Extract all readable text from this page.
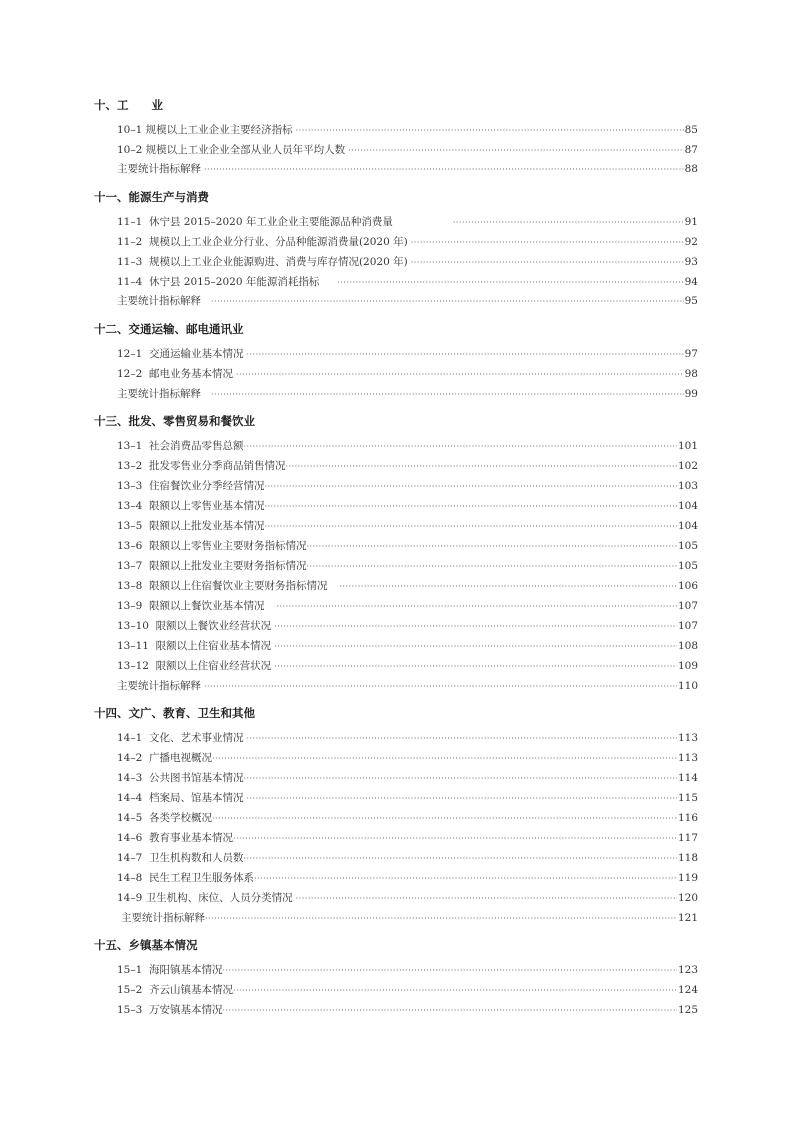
十、工　　业
10–1 规模以上工业企业主要经济指标 ·····	85
10–2 规模以上工业企业全部从业人员年平均人数 ·····	87
主要统计指标解释 ·····	88
十一、能源生产与消费
11–1  休宁县 2015–2020 年工业企业主要能源品种消费量 ·····	91
11–2  规模以上工业企业分行业、分品种能源消费量(2020 年) ·····	92
11–3  规模以上工业企业能源购进、消费与库存情况(2020 年) ·····	93
11–4  休宁县 2015–2020 年能源消耗指标 ·····	94
主要统计指标解释 ·····	95
十二、交通运输、邮电通讯业
12–1  交通运输业基本情况 ·····	97
12–2  邮电业务基本情况 ·····	98
主要统计指标解释 ·····	99
十三、批发、零售贸易和餐饮业
13–1  社会消费品零售总额 ·····	101
13–2  批发零售业分季商品销售情况 ·····	102
13–3  住宿餐饮业分季经营情况 ·····	103
13–4  限额以上零售业基本情况 ·····	104
13–5  限额以上批发业基本情况 ·····	104
13–6  限额以上零售业主要财务指标情况 ·····	105
13–7  限额以上批发业主要财务指标情况 ·····	105
13–8  限额以上住宿餐饮业主要财务指标情况 ·····	106
13–9  限额以上餐饮业基本情况 ·····	107
13–10  限额以上餐饮业经营状况 ·····	107
13–11  限额以上住宿业基本情况 ·····	108
13–12  限额以上住宿业经营状况 ·····	109
主要统计指标解释 ·····	110
十四、文广、教育、卫生和其他
14–1  文化、艺术事业情况 ·····	113
14–2  广播电视概况 ·····	113
14–3  公共图书馆基本情况 ·····	114
14–4  档案局、馆基本情况 ·····	115
14–5  各类学校概况 ·····	116
14–6  教育事业基本情况 ·····	117
14–7  卫生机构数和人员数 ·····	118
14–8  民生工程卫生服务体系 ·····	119
14–9 卫生机构、床位、人员分类情况 ·····	120
主要统计指标解释 ·····	121
十五、乡镇基本情况
15–1  海阳镇基本情况 ·····	123
15–2  齐云山镇基本情况 ·····	124
15–3  万安镇基本情况 ·····	125
